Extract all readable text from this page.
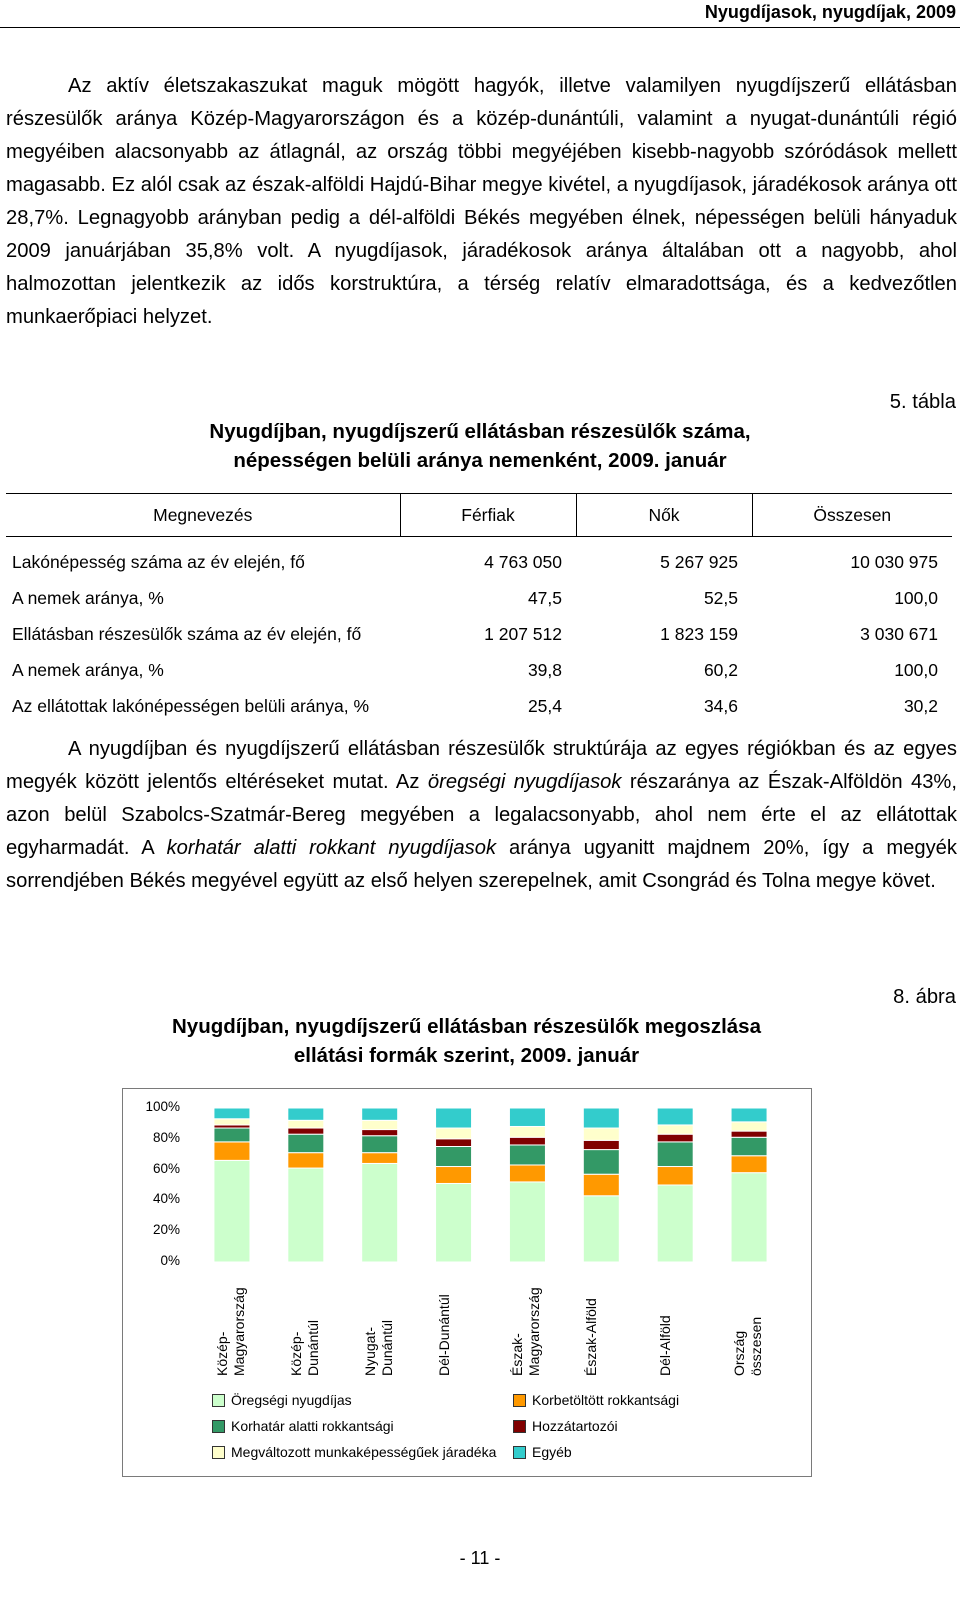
Nyugdíjasok, nyugdíjak, 2009

Az aktív életszakaszukat maguk mögött hagyók, illetve valamilyen nyugdíjszerű ellátásban részesülők aránya Közép-Magyarországon és a közép-dunántúli, valamint a nyugat-dunántúli régió megyéiben alacsonyabb az átlagnál, az ország többi megyéjében kisebb-nagyobb szóródások mellett magasabb. Ez alól csak az észak-alföldi Hajdú-Bihar megye kivétel, a nyugdíjasok, járadékosok aránya ott 28,7%. Legnagyobb arányban pedig a dél-alföldi Békés megyében élnek, népességen belüli hányaduk 2009 januárjában 35,8% volt. A nyugdíjasok, járadékosok aránya általában ott a nagyobb, ahol halmozottan jelentkezik az idős korstruktúra, a térség relatív elmaradottsága, és a kedvezőtlen munkaerőpiaci helyzet.

5. tábla
Nyugdíjban, nyugdíjszerű ellátásban részesülők száma,
népességen belüli aránya nemenként, 2009. január
Megnevezés	Férfiak	Nők	Összesen
Lakónépesség száma az év elején, fő	4 763 050	5 267 925	10 030 975
A nemek aránya, %	47,5	52,5	100,0
Ellátásban részesülők száma az év elején, fő	1 207 512	1 823 159	3 030 671
A nemek aránya, %	39,8	60,2	100,0
Az ellátottak lakónépességen belüli aránya, %	25,4	34,6	30,2

A nyugdíjban és nyugdíjszerű ellátásban részesülők struktúrája az egyes régiókban és az egyes megyék között jelentős eltéréseket mutat. Az öregségi nyugdíjasok részaránya az Észak-Alföldön 43%, azon belül Szabolcs-Szatmár-Bereg megyében a legalacsonyabb, ahol nem érte el az ellátottak egyharmadát. A korhatár alatti rokkant nyugdíjasok aránya ugyanitt majdnem 20%, így a megyék sorrendjében Békés megyével együtt az első helyen szerepelnek, amit Csongrád és Tolna megye követ.

8. ábra
Nyugdíjban, nyugdíjszerű ellátásban részesülők megoszlása
ellátási formák szerint, 2009. január
100%
80%
60%
40%
20%
0%
Közép-
Magyarország	Közép-
Dunántúl	Nyugat-
Dunántúl	Dél-Dunántúl	Észak-
Magyarország	Észak-Alföld	Dél-Alföld	Ország
összesen
Öregségi nyugdíjas	Korbetöltött rokkantsági
Korhatár alatti rokkantsági	Hozzátartozói
Megváltozott munkaképességűek járadéka	Egyéb
- 11 -
